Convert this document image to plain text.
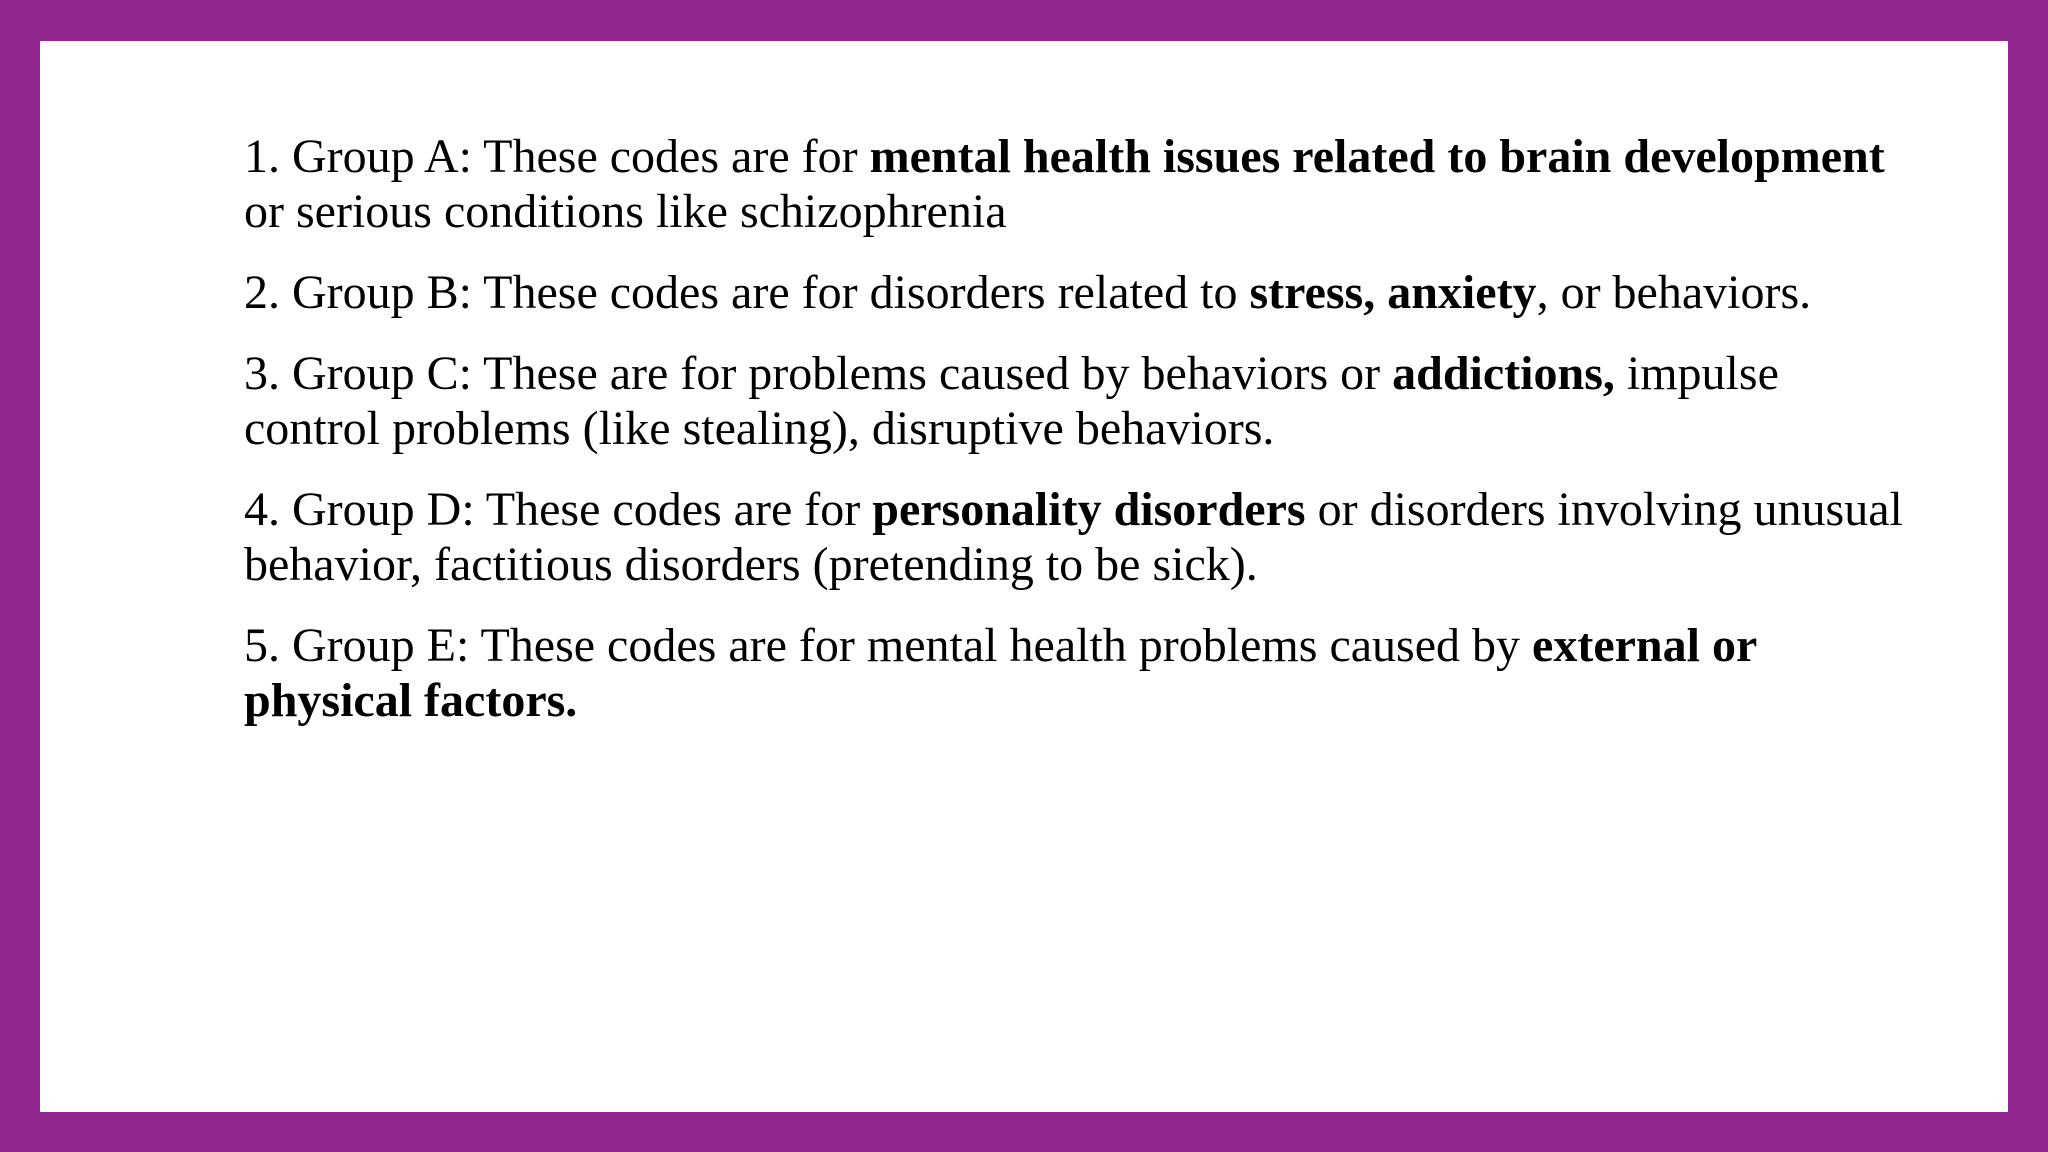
1. Group A: These codes are for mental health issues related to brain development or serious conditions like schizophrenia

2. Group B: These codes are for disorders related to stress, anxiety, or behaviors.

3. Group C: These are for problems caused by behaviors or addictions, impulse control problems (like stealing), disruptive behaviors.

4. Group D: These codes are for personality disorders or disorders involving unusual behavior, factitious disorders (pretending to be sick).

5. Group E: These codes are for mental health problems caused by external or physical factors.
